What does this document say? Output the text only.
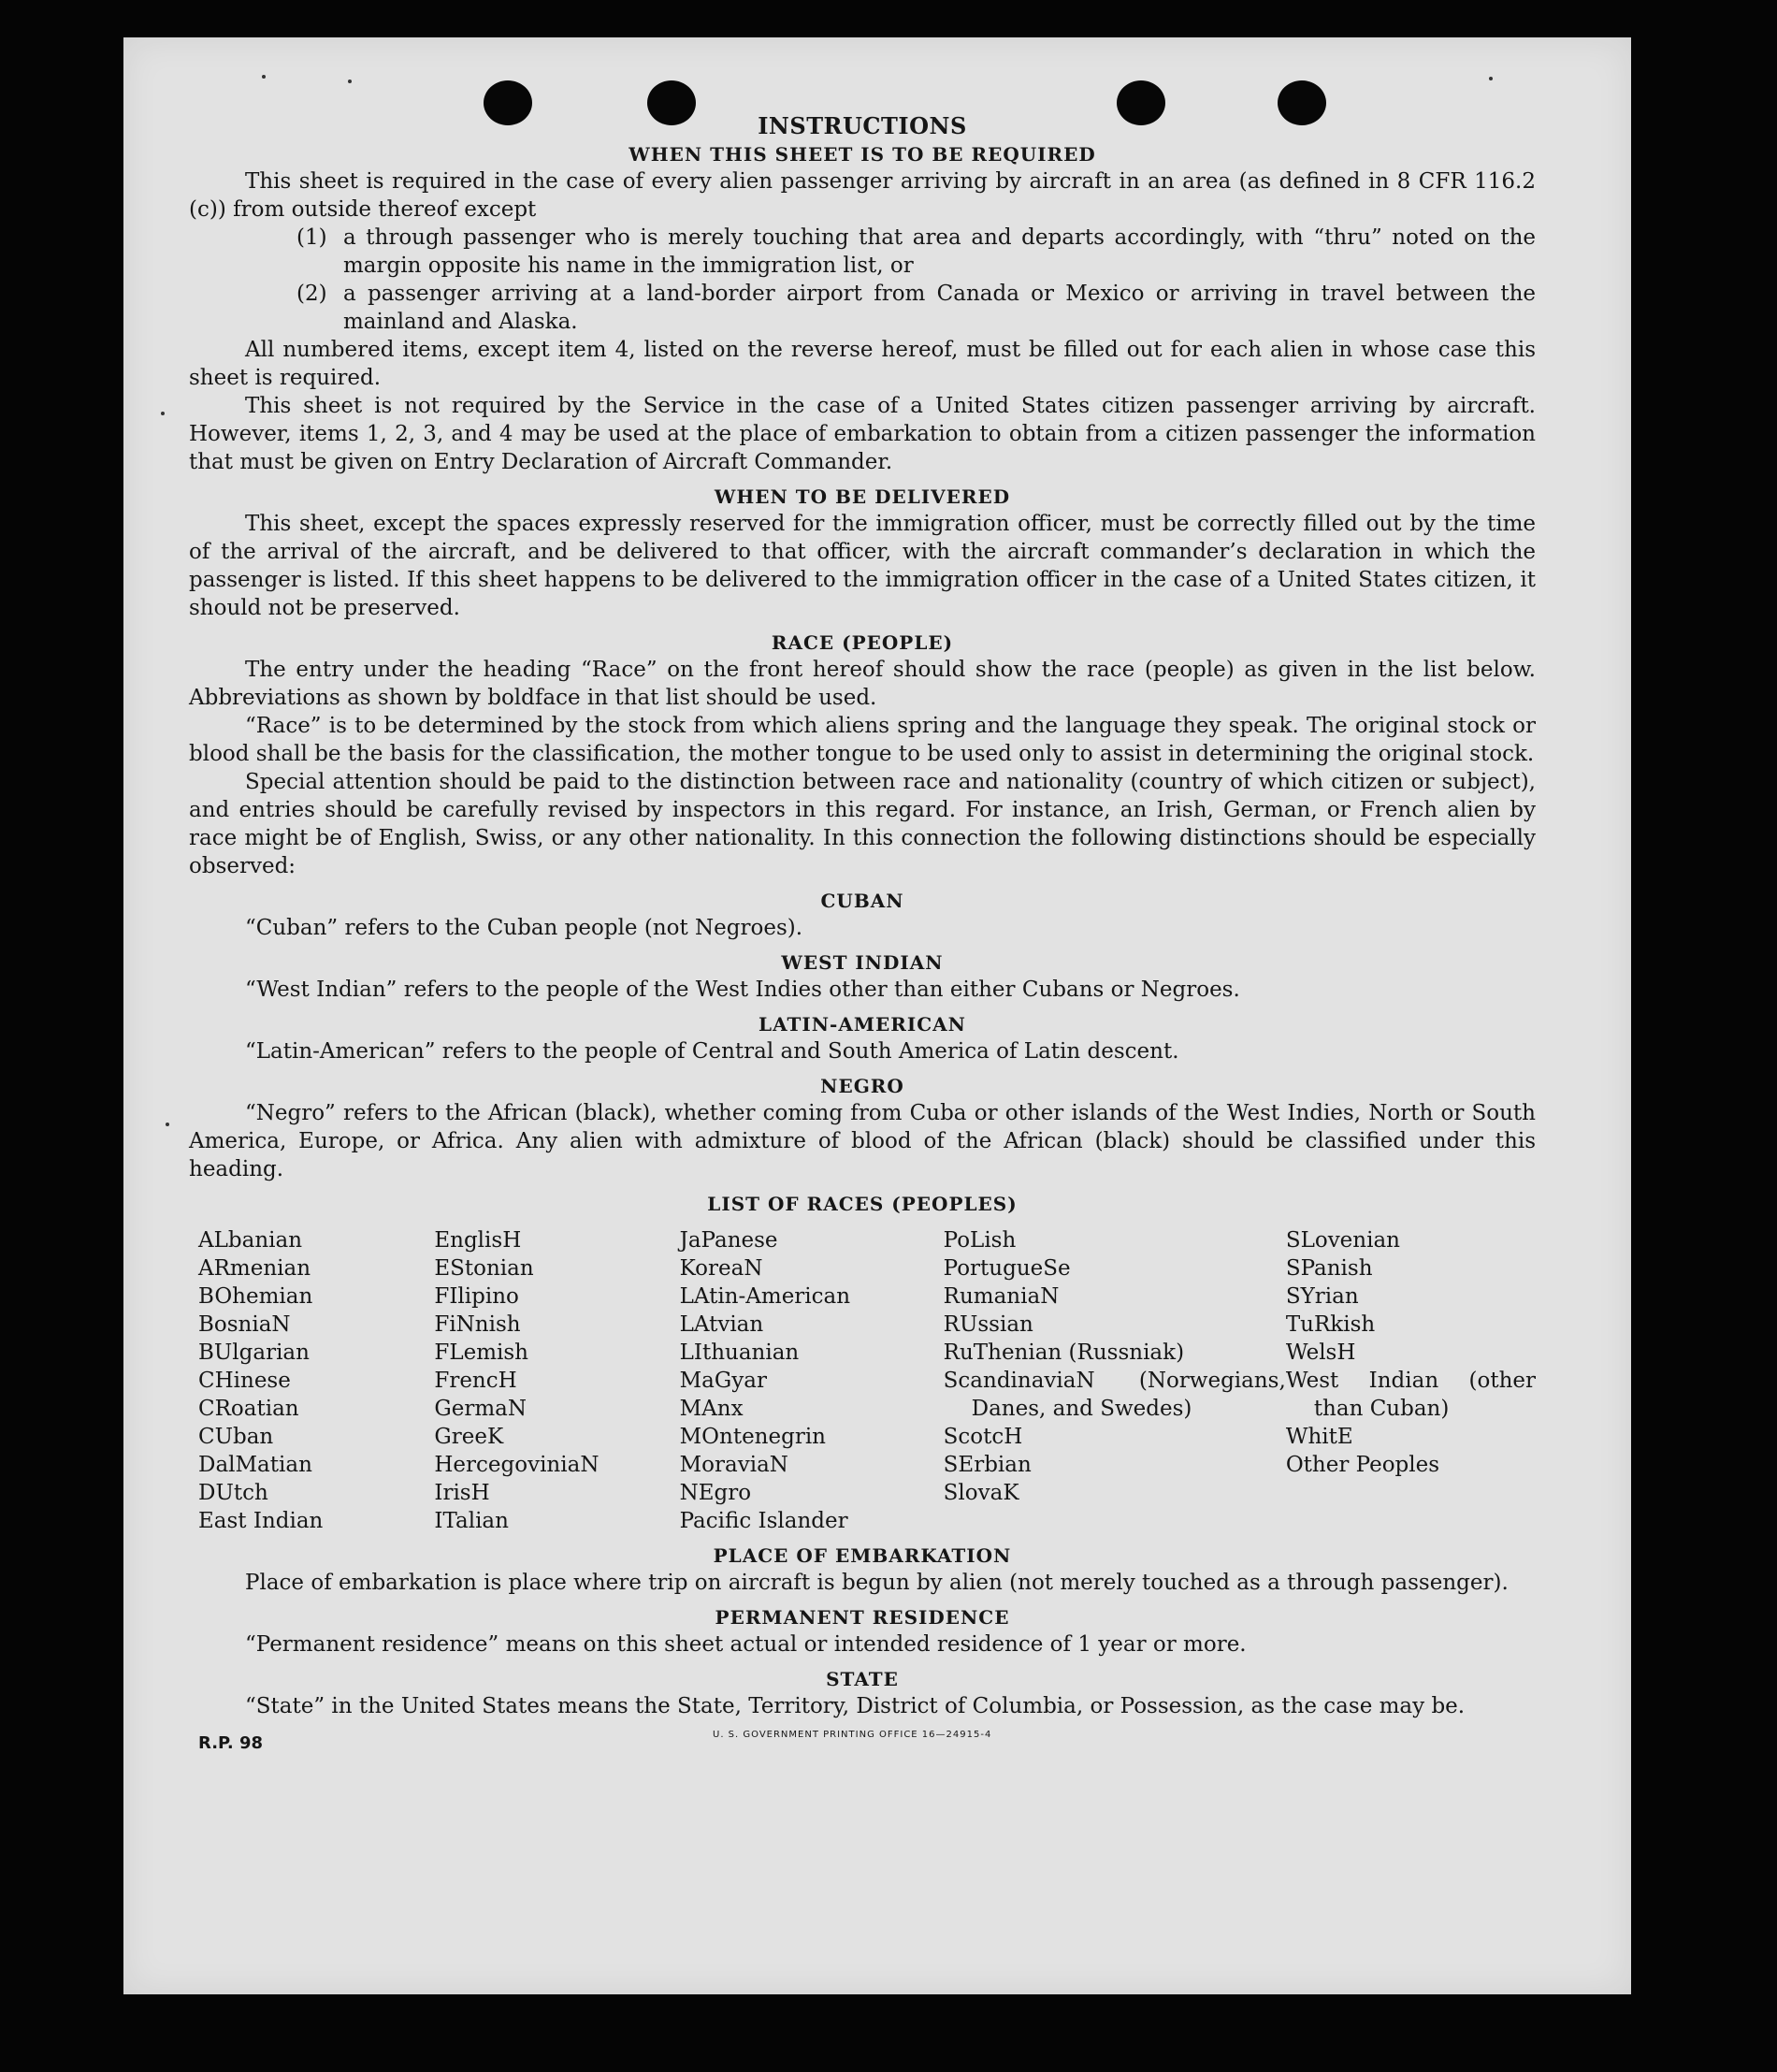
INSTRUCTIONS
WHEN THIS SHEET IS TO BE REQUIRED

This sheet is required in the case of every alien passenger arriving by aircraft in an area (as defined in 8 CFR 116.2 (c)) from outside thereof except

(1) a through passenger who is merely touching that area and departs accordingly, with “thru” noted on the margin opposite his name in the immigration list, or
(2) a passenger arriving at a land-border airport from Canada or Mexico or arriving in travel between the mainland and Alaska.

All numbered items, except item 4, listed on the reverse hereof, must be filled out for each alien in whose case this sheet is required.

This sheet is not required by the Service in the case of a United States citizen passenger arriving by aircraft. However, items 1, 2, 3, and 4 may be used at the place of embarkation to obtain from a citizen passenger the information that must be given on Entry Declaration of Aircraft Commander.

WHEN TO BE DELIVERED

This sheet, except the spaces expressly reserved for the immigration officer, must be correctly filled out by the time of the arrival of the aircraft, and be delivered to that officer, with the aircraft commander’s declaration in which the passenger is listed. If this sheet happens to be delivered to the immigration officer in the case of a United States citizen, it should not be preserved.

RACE (PEOPLE)

The entry under the heading “Race” on the front hereof should show the race (people) as given in the list below. Abbreviations as shown by boldface in that list should be used.

“Race” is to be determined by the stock from which aliens spring and the language they speak. The original stock or blood shall be the basis for the classification, the mother tongue to be used only to assist in determining the original stock.

Special attention should be paid to the distinction between race and nationality (country of which citizen or subject), and entries should be carefully revised by inspectors in this regard. For instance, an Irish, German, or French alien by race might be of English, Swiss, or any other nationality. In this connection the following distinctions should be especially observed:

CUBAN

“Cuban” refers to the Cuban people (not Negroes).

WEST INDIAN

“West Indian” refers to the people of the West Indies other than either Cubans or Negroes.

LATIN-AMERICAN

“Latin-American” refers to the people of Central and South America of Latin descent.

NEGRO

“Negro” refers to the African (black), whether coming from Cuba or other islands of the West Indies, North or South America, Europe, or Africa. Any alien with admixture of blood of the African (black) should be classified under this heading.

LIST OF RACES (PEOPLES)
ALbanian
ARmenian
BOhemian
BosniaN
BUlgarian
CHinese
CRoatian
CUban
DalMatian
DUtch
East Indian
EnglisH
EStonian
FIlipino
FiNnish
FLemish
FrencH
GermaN
GreeK
HercegoviniaN
IrisH
ITalian
JaPanese
KoreaN
LAtin-American
LAtvian
LIthuanian
MaGyar
MAnx
MOntenegrin
MoraviaN
NEgro
Pacific Islander
PoLish
PortugueSe
RumaniaN
RUssian
RuThenian (Russniak)
ScandinaviaN (Norwegians, Danes, and Swedes)
ScotcH
SErbian
SlovaK
SLovenian
SPanish
SYrian
TuRkish
WelsH
West Indian (other than Cuban)
WhitE
Other Peoples
PLACE OF EMBARKATION

Place of embarkation is place where trip on aircraft is begun by alien (not merely touched as a through passenger).

PERMANENT RESIDENCE

“Permanent residence” means on this sheet actual or intended residence of 1 year or more.

STATE

“State” in the United States means the State, Territory, District of Columbia, or Possession, as the case may be.

R.P. 98	U. S. GOVERNMENT PRINTING OFFICE 16—24915-4
